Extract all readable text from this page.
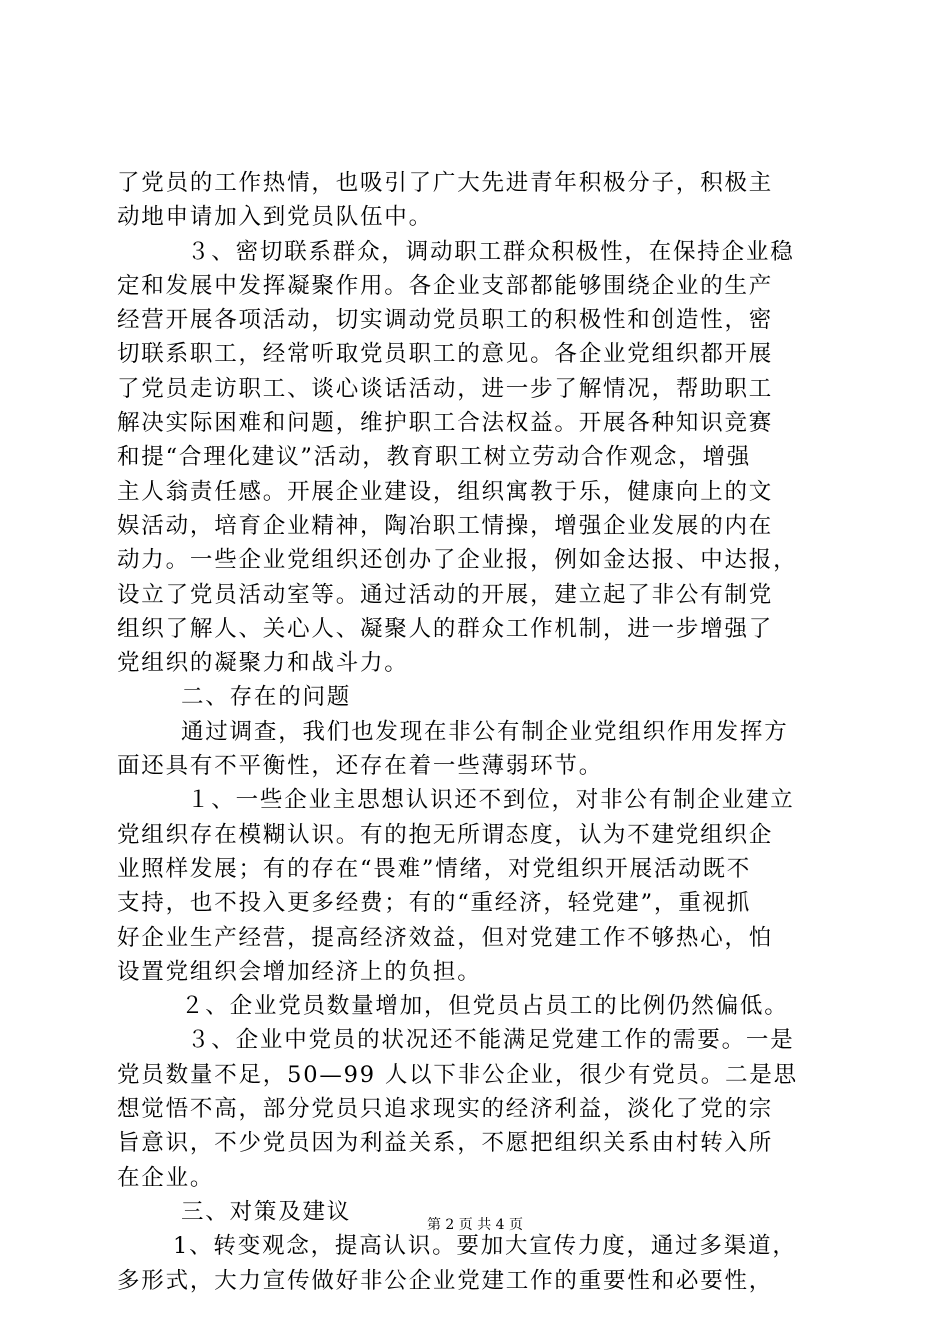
了党员的工作热情，也吸引了广大先进青年积极分子，积极主
动地申请加入到党员队伍中。
３、密切联系群众，调动职工群众积极性，在保持企业稳
定和发展中发挥凝聚作用。各企业支部都能够围绕企业的生产
经营开展各项活动，切实调动党员职工的积极性和创造性，密
切联系职工，经常听取党员职工的意见。各企业党组织都开展
了党员走访职工、谈心谈话活动，进一步了解情况，帮助职工
解决实际困难和问题，维护职工合法权益。开展各种知识竞赛
和提“合理化建议”活动，教育职工树立劳动合作观念，增强
主人翁责任感。开展企业建设，组织寓教于乐，健康向上的文
娱活动，培育企业精神，陶冶职工情操，增强企业发展的内在
动力。一些企业党组织还创办了企业报，例如金达报、中达报，
设立了党员活动室等。通过活动的开展，建立起了非公有制党
组织了解人、关心人、凝聚人的群众工作机制，进一步增强了
党组织的凝聚力和战斗力。
二、存在的问题
通过调查，我们也发现在非公有制企业党组织作用发挥方
面还具有不平衡性，还存在着一些薄弱环节。
１、一些企业主思想认识还不到位，对非公有制企业建立
党组织存在模糊认识。有的抱无所谓态度，认为不建党组织企
业照样发展；有的存在“畏难”情绪，对党组织开展活动既不
支持，也不投入更多经费；有的“重经济，轻党建”，重视抓
好企业生产经营，提高经济效益，但对党建工作不够热心，怕
设置党组织会增加经济上的负担。
２、企业党员数量增加，但党员占员工的比例仍然偏低。
３、企业中党员的状况还不能满足党建工作的需要。一是
党员数量不足，50—99 人以下非公企业，很少有党员。二是思
想觉悟不高，部分党员只追求现实的经济利益，淡化了党的宗
旨意识，不少党员因为利益关系，不愿把组织关系由村转入所
在企业。
三、对策及建议
1、转变观念，提高认识。要加大宣传力度，通过多渠道，
多形式，大力宣传做好非公企业党建工作的重要性和必要性，
第 2 页 共 4 页
